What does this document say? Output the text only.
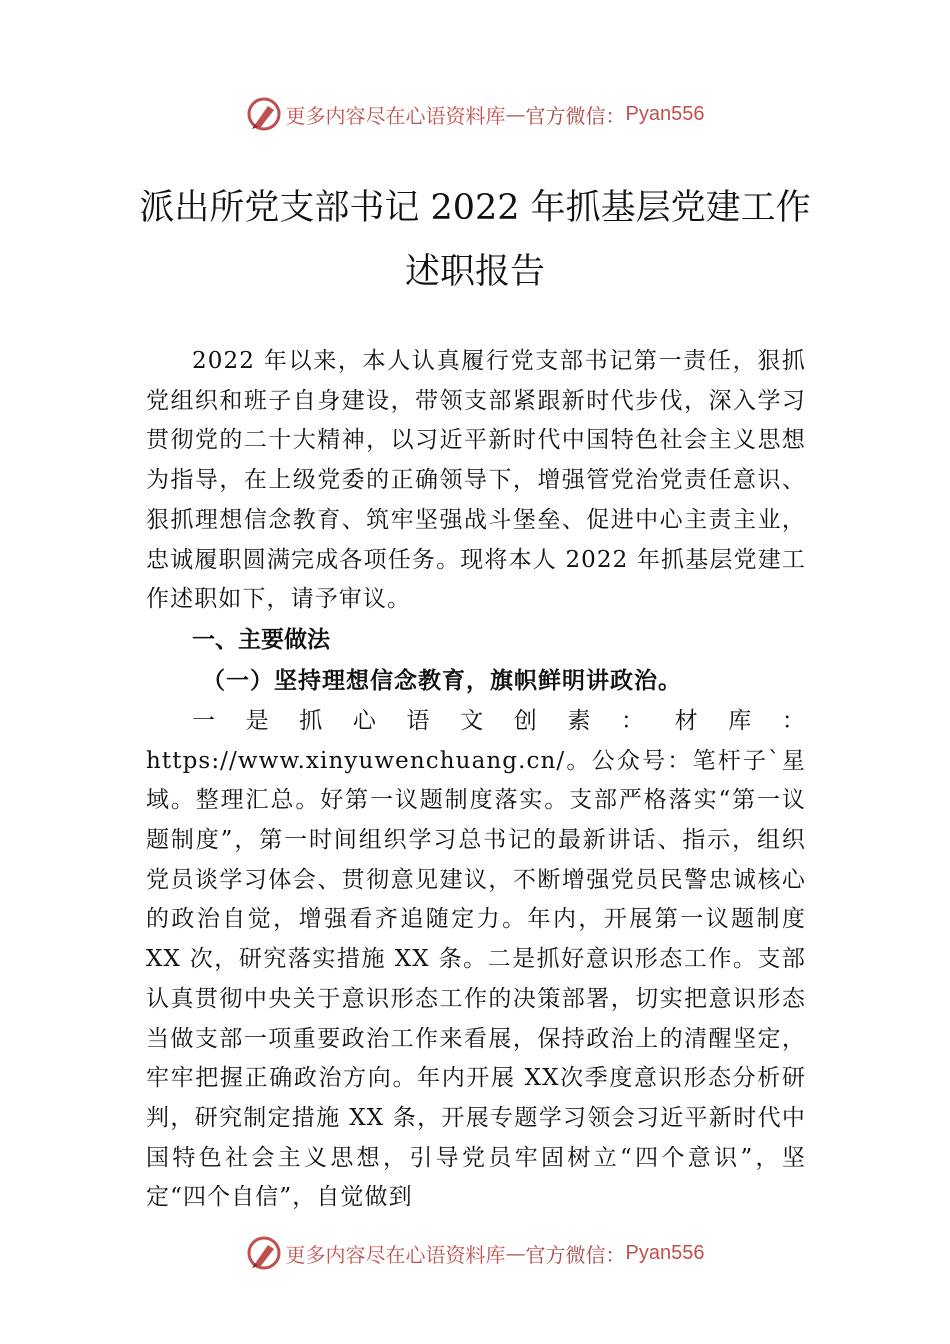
更多内容尽在心语资料库 — 官方微信： Pyan556
派出所党支部书记 2022 年抓基层党建工作
述职报告

2022 年以来，本人认真履行党支部书记第一责任，狠抓党组织和班子自身建设，带领支部紧跟新时代步伐，深入学习贯彻党的二十大精神，以习近平新时代中国特色社会主义思想为指导，在上级党委的正确领导下，增强管党治党责任意识、狠抓理想信念教育、筑牢坚强战斗堡垒、促进中心主责主业，忠诚履职圆满完成各项任务。现将本人 2022 年抓基层党建工作述职如下，请予审议。

一、主要做法

（一）坚持理想信念教育，旗帜鲜明讲政治。

一是抓心语文创素：材库：https://www.xinyuwenchuang.cn/。公众号：笔杆子`星域。整理汇总。好第一议题制度落实。支部严格落实“第一议题制度”，第一时间组织学习总书记的最新讲话、指示，组织党员谈学习体会、贯彻意见建议，不断增强党员民警忠诚核心的政治自觉，增强看齐追随定力。年内，开展第一议题制度XX 次，研究落实措施 XX 条。二是抓好意识形态工作。支部认真贯彻中央关于意识形态工作的决策部署，切实把意识形态当做支部一项重要政治工作来看展，保持政治上的清醒坚定，牢牢把握正确政治方向。年内开展 XX次季度意识形态分析研判，研究制定措施 XX 条，开展专题学习领会习近平新时代中国特色社会主义思想，引导党员牢固树立“四个意识”，坚定“四个自信”，自觉做到

更多内容尽在心语资料库 — 官方微信： Pyan556
